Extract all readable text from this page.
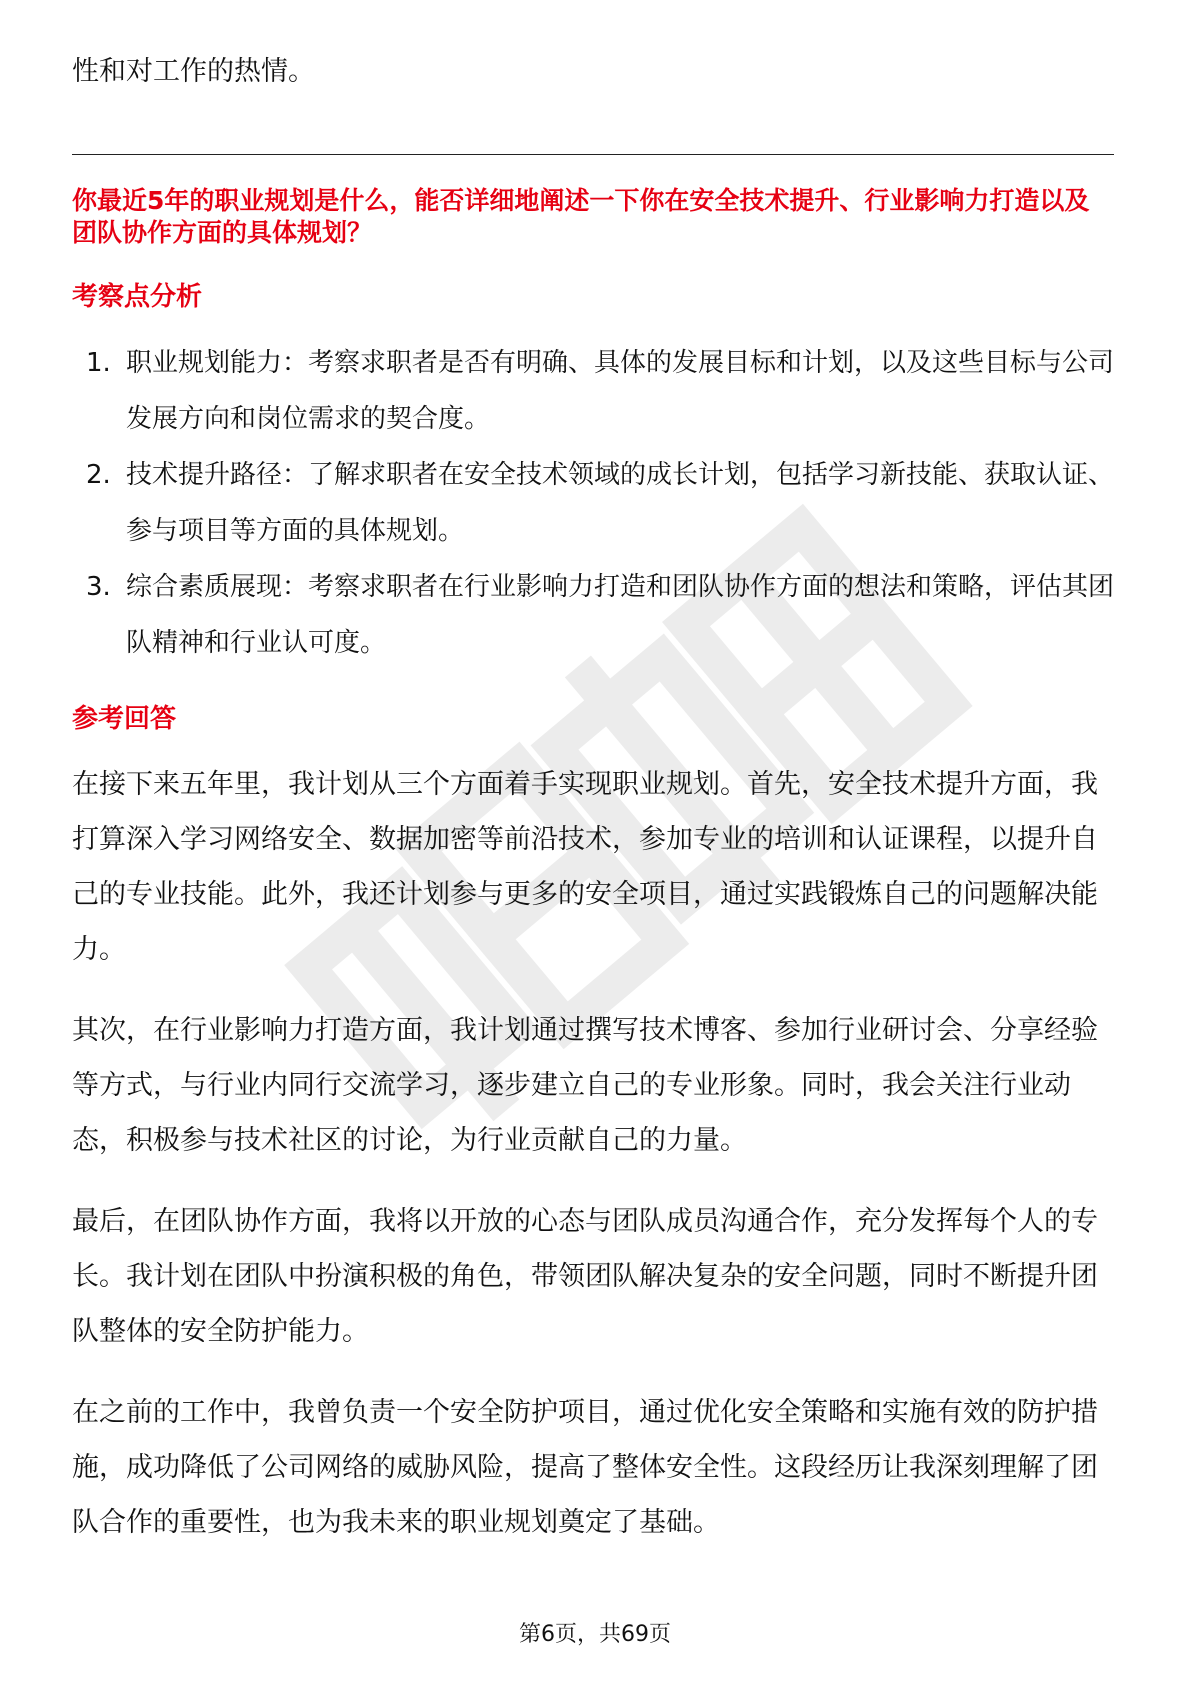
性和对工作的热情。

你最近5年的职业规划是什么，能否详细地阐述一下你在安全技术提升、行业影响力打造以及团队协作方面的具体规划？

考察点分析
1. 职业规划能力：考察求职者是否有明确、具体的发展目标和计划，以及这些目标与公司发展方向和岗位需求的契合度。
2. 技术提升路径：了解求职者在安全技术领域的成长计划，包括学习新技能、获取认证、参与项目等方面的具体规划。
3. 综合素质展现：考察求职者在行业影响力打造和团队协作方面的想法和策略，评估其团队精神和行业认可度。
参考回答

在接下来五年里，我计划从三个方面着手实现职业规划。首先，安全技术提升方面，我打算深入学习网络安全、数据加密等前沿技术，参加专业的培训和认证课程，以提升自己的专业技能。此外，我还计划参与更多的安全项目，通过实践锻炼自己的问题解决能力。

其次，在行业影响力打造方面，我计划通过撰写技术博客、参加行业研讨会、分享经验等方式，与行业内同行交流学习，逐步建立自己的专业形象。同时，我会关注行业动态，积极参与技术社区的讨论，为行业贡献自己的力量。

最后，在团队协作方面，我将以开放的心态与团队成员沟通合作，充分发挥每个人的专长。我计划在团队中扮演积极的角色，带领团队解决复杂的安全问题，同时不断提升团队整体的安全防护能力。

在之前的工作中，我曾负责一个安全防护项目，通过优化安全策略和实施有效的防护措施，成功降低了公司网络的威胁风险，提高了整体安全性。这段经历让我深刻理解了团队合作的重要性，也为我未来的职业规划奠定了基础。

第6页，共69页
